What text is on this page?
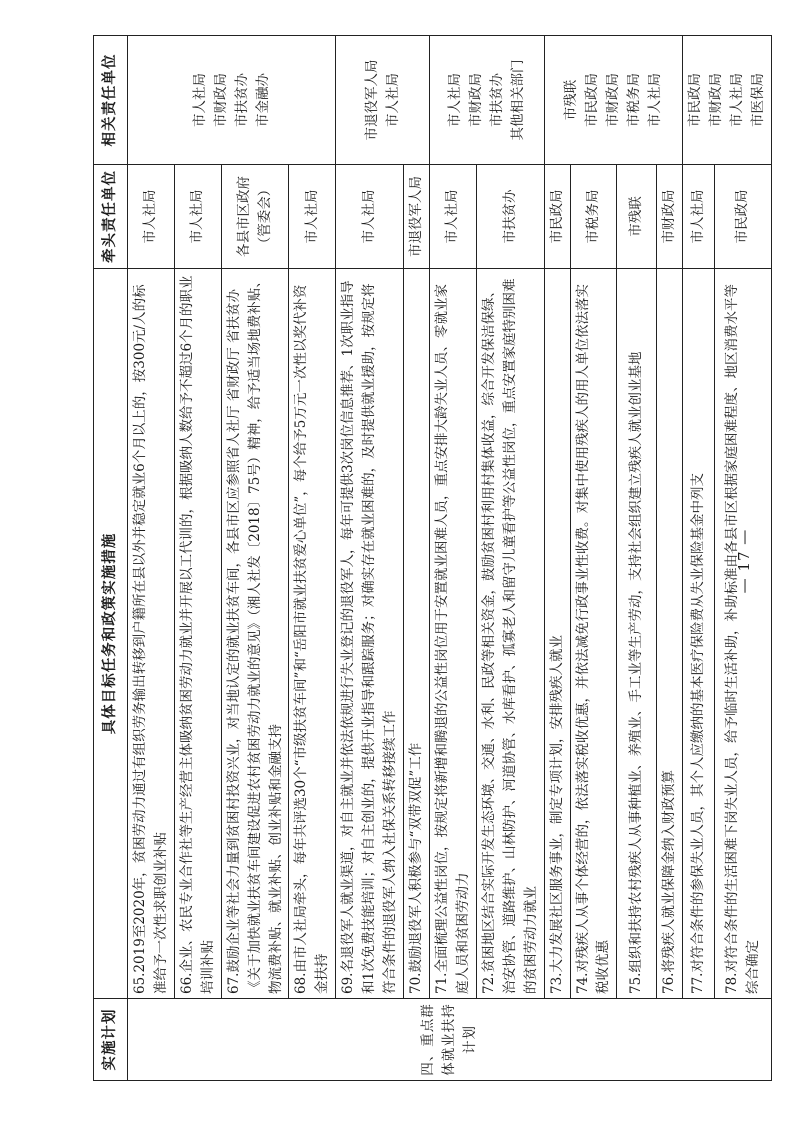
实施计划	具体目标任务和政策实施措施	牵头责任单位	相关责任单位
四、重点群体就业扶持计划	65.2019至2020年，贫困劳动力通过有组织劳务输出转移到户籍所在县以外并稳定就业6个月以上的，按300元/人的标准给予一次性求职创业补贴	市人社局	市人社局 市财政局 市扶贫办 市金融办

	66.企业、农民专业合作社等生产经营主体吸纳贫困劳动力就业并开展以工代训的，根据吸纳人数给予不超过6个月的职业培训补贴	市人社局	
	67.鼓励企业等社会力量到贫困村投资兴业，对当地认定的就业扶贫车间，各县市区应参照省人社厅 省财政厅 省扶贫办《关于加快就业扶贫车间建设促进农村贫困劳动力就业的意见》（湘人社发〔2018〕75号）精神，给予适当场地费补贴、物流费补贴、就业补贴、创业补贴和金融支持	各县市区政府（管委会）	
	68.由市人社局牵头，每年共评选30个“市级扶贫车间”和“岳阳市就业扶贫爱心单位”，每个给予5万元一次性以奖代补资金扶持	市人社局	
	69.名退役军人就业渠道，对自主就业并依法依规进行失业登记的退役军人，每年可提供3次岗位信息推荐、1次职业指导和1次免费技能培训；对自主创业的，提供开业指导和跟踪服务；对确实存在就业困难的，及时提供就业援助，按规定将符合条件的退役军人纳入社保关系转移接续工作	市人社局	市退役军人局 市人社局

	70.鼓励退役军人积极参与“双带双促”工作	市退役军人局	
	71.全面梳理公益性岗位，按规定将新增和腾退的公益性岗位用于安置就业困难人员，重点安排大龄失业人员、零就业家庭人员和贫困劳动力	市人社局	市人社局 市财政局 市扶贫办 其他相关部门

	72.贫困地区结合实际开发生态环境、交通、水利、民政等相关资金，鼓励贫困村利用村集体收益，综合开发保洁保绿、治安协管、道路维护、山林防护、河道协管、水库看护、孤寡老人和留守儿童看护等公益性岗位，重点安置家庭特别困难的贫困劳动力就业	市扶贫办	
	73.大力发展社区服务事业，制定专项计划，安排残疾人就业	市民政局	市残联 市民政局 市财政局 市税务局 市人社局

	74.对残疾人从事个体经营的，依法落实税收优惠，并依法减免行政事业性收费。对集中使用残疾人的用人单位依法落实税收优惠	市税务局	
	75.组织和扶持农村残疾人从事种植业、养殖业、手工业等生产劳动，支持社会组织建立残疾人就业创业基地	市残联	
	76.将残疾人就业保障金纳入财政预算	市财政局	
	77.对符合条件的参保失业人员，其个人应缴纳的基本医疗保险费从失业保险基金中列支	市人社局	市民政局 市财政局 市人社局 市医保局

	78.对符合条件的生活困难下岗失业人员，给予临时生活补助，补助标准由各县市区根据家庭困难程度、地区消费水平等综合确定	市民政局	
— 17 —
